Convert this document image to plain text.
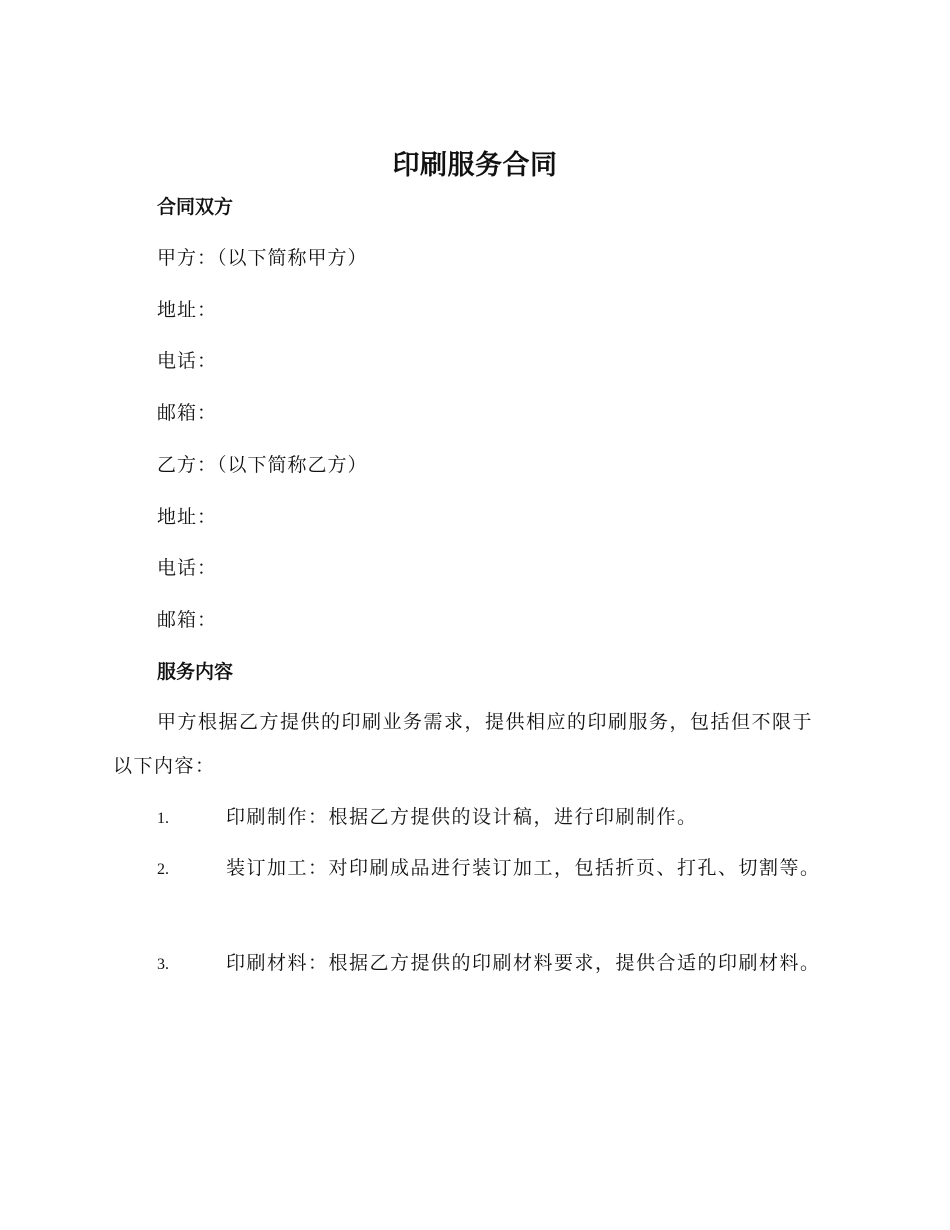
印刷服务合同
合同双方
甲方：（以下简称甲方）
地址：
电话：
邮箱：
乙方：（以下简称乙方）
地址：
电话：
邮箱：
服务内容
甲方根据乙方提供的印刷业务需求，提供相应的印刷服务，包括但不限于以下内容：
1.	印刷制作：根据乙方提供的设计稿，进行印刷制作。
2.	装订加工：对印刷成品进行装订加工，包括折页、打孔、切割等。
3.	印刷材料：根据乙方提供的印刷材料要求，提供合适的印刷材料。
